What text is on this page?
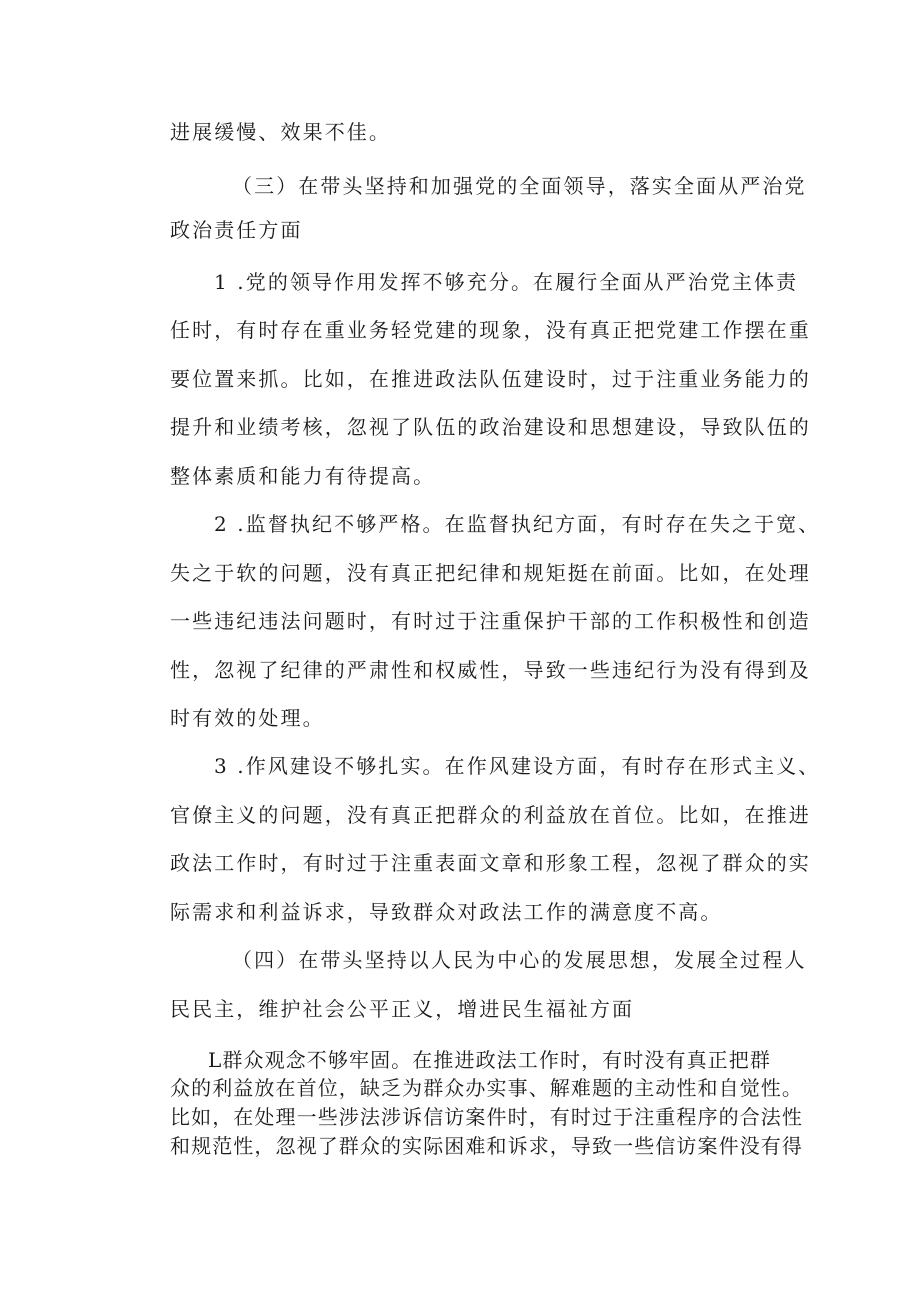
进展缓慢、效果不佳。
（三）在带头坚持和加强党的全面领导，落实全面从严治党
政治责任方面
1 .党的领导作用发挥不够充分。在履行全面从严治党主体责
任时，有时存在重业务轻党建的现象，没有真正把党建工作摆在重
要位置来抓。比如，在推进政法队伍建设时，过于注重业务能力的
提升和业绩考核，忽视了队伍的政治建设和思想建设，导致队伍的
整体素质和能力有待提高。
2 .监督执纪不够严格。在监督执纪方面，有时存在失之于宽、
失之于软的问题，没有真正把纪律和规矩挺在前面。比如，在处理
一些违纪违法问题时，有时过于注重保护干部的工作积极性和创造
性，忽视了纪律的严肃性和权威性，导致一些违纪行为没有得到及
时有效的处理。
3 .作风建设不够扎实。在作风建设方面，有时存在形式主义、
官僚主义的问题，没有真正把群众的利益放在首位。比如，在推进
政法工作时，有时过于注重表面文章和形象工程，忽视了群众的实
际需求和利益诉求，导致群众对政法工作的满意度不高。
（四）在带头坚持以人民为中心的发展思想，发展全过程人
民民主，维护社会公平正义，增进民生福祉方面
L群众观念不够牢固。在推进政法工作时，有时没有真正把群
众的利益放在首位，缺乏为群众办实事、解难题的主动性和自觉性。
比如，在处理一些涉法涉诉信访案件时，有时过于注重程序的合法性
和规范性，忽视了群众的实际困难和诉求，导致一些信访案件没有得
